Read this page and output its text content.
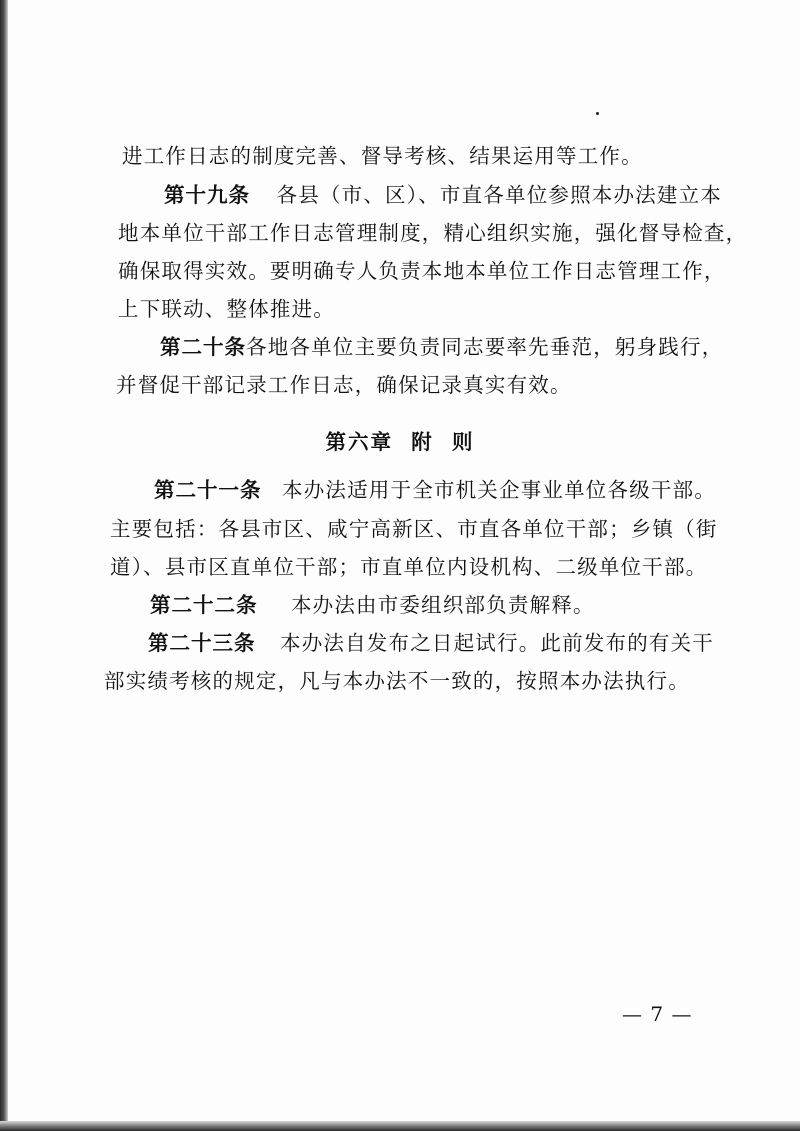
进工作日志的制度完善、督导考核、结果运用等工作。
第十九条 各县（市、区）、市直各单位参照本办法建立本
地本单位干部工作日志管理制度，精心组织实施，强化督导检查，
确保取得实效。要明确专人负责本地本单位工作日志管理工作，
上下联动、整体推进。
第二十条 各地各单位主要负责同志要率先垂范，躬身践行，
并督促干部记录工作日志，确保记录真实有效。
第六章  附  则
第二十一条 本办法适用于全市机关企事业单位各级干部。
主要包括：各县市区、咸宁高新区、市直各单位干部；乡镇（街
道）、县市区直单位干部；市直单位内设机构、二级单位干部。
第二十二条 本办法由市委组织部负责解释。
第二十三条 本办法自发布之日起试行。此前发布的有关干
部实绩考核的规定，凡与本办法不一致的，按照本办法执行。
— 7 —
